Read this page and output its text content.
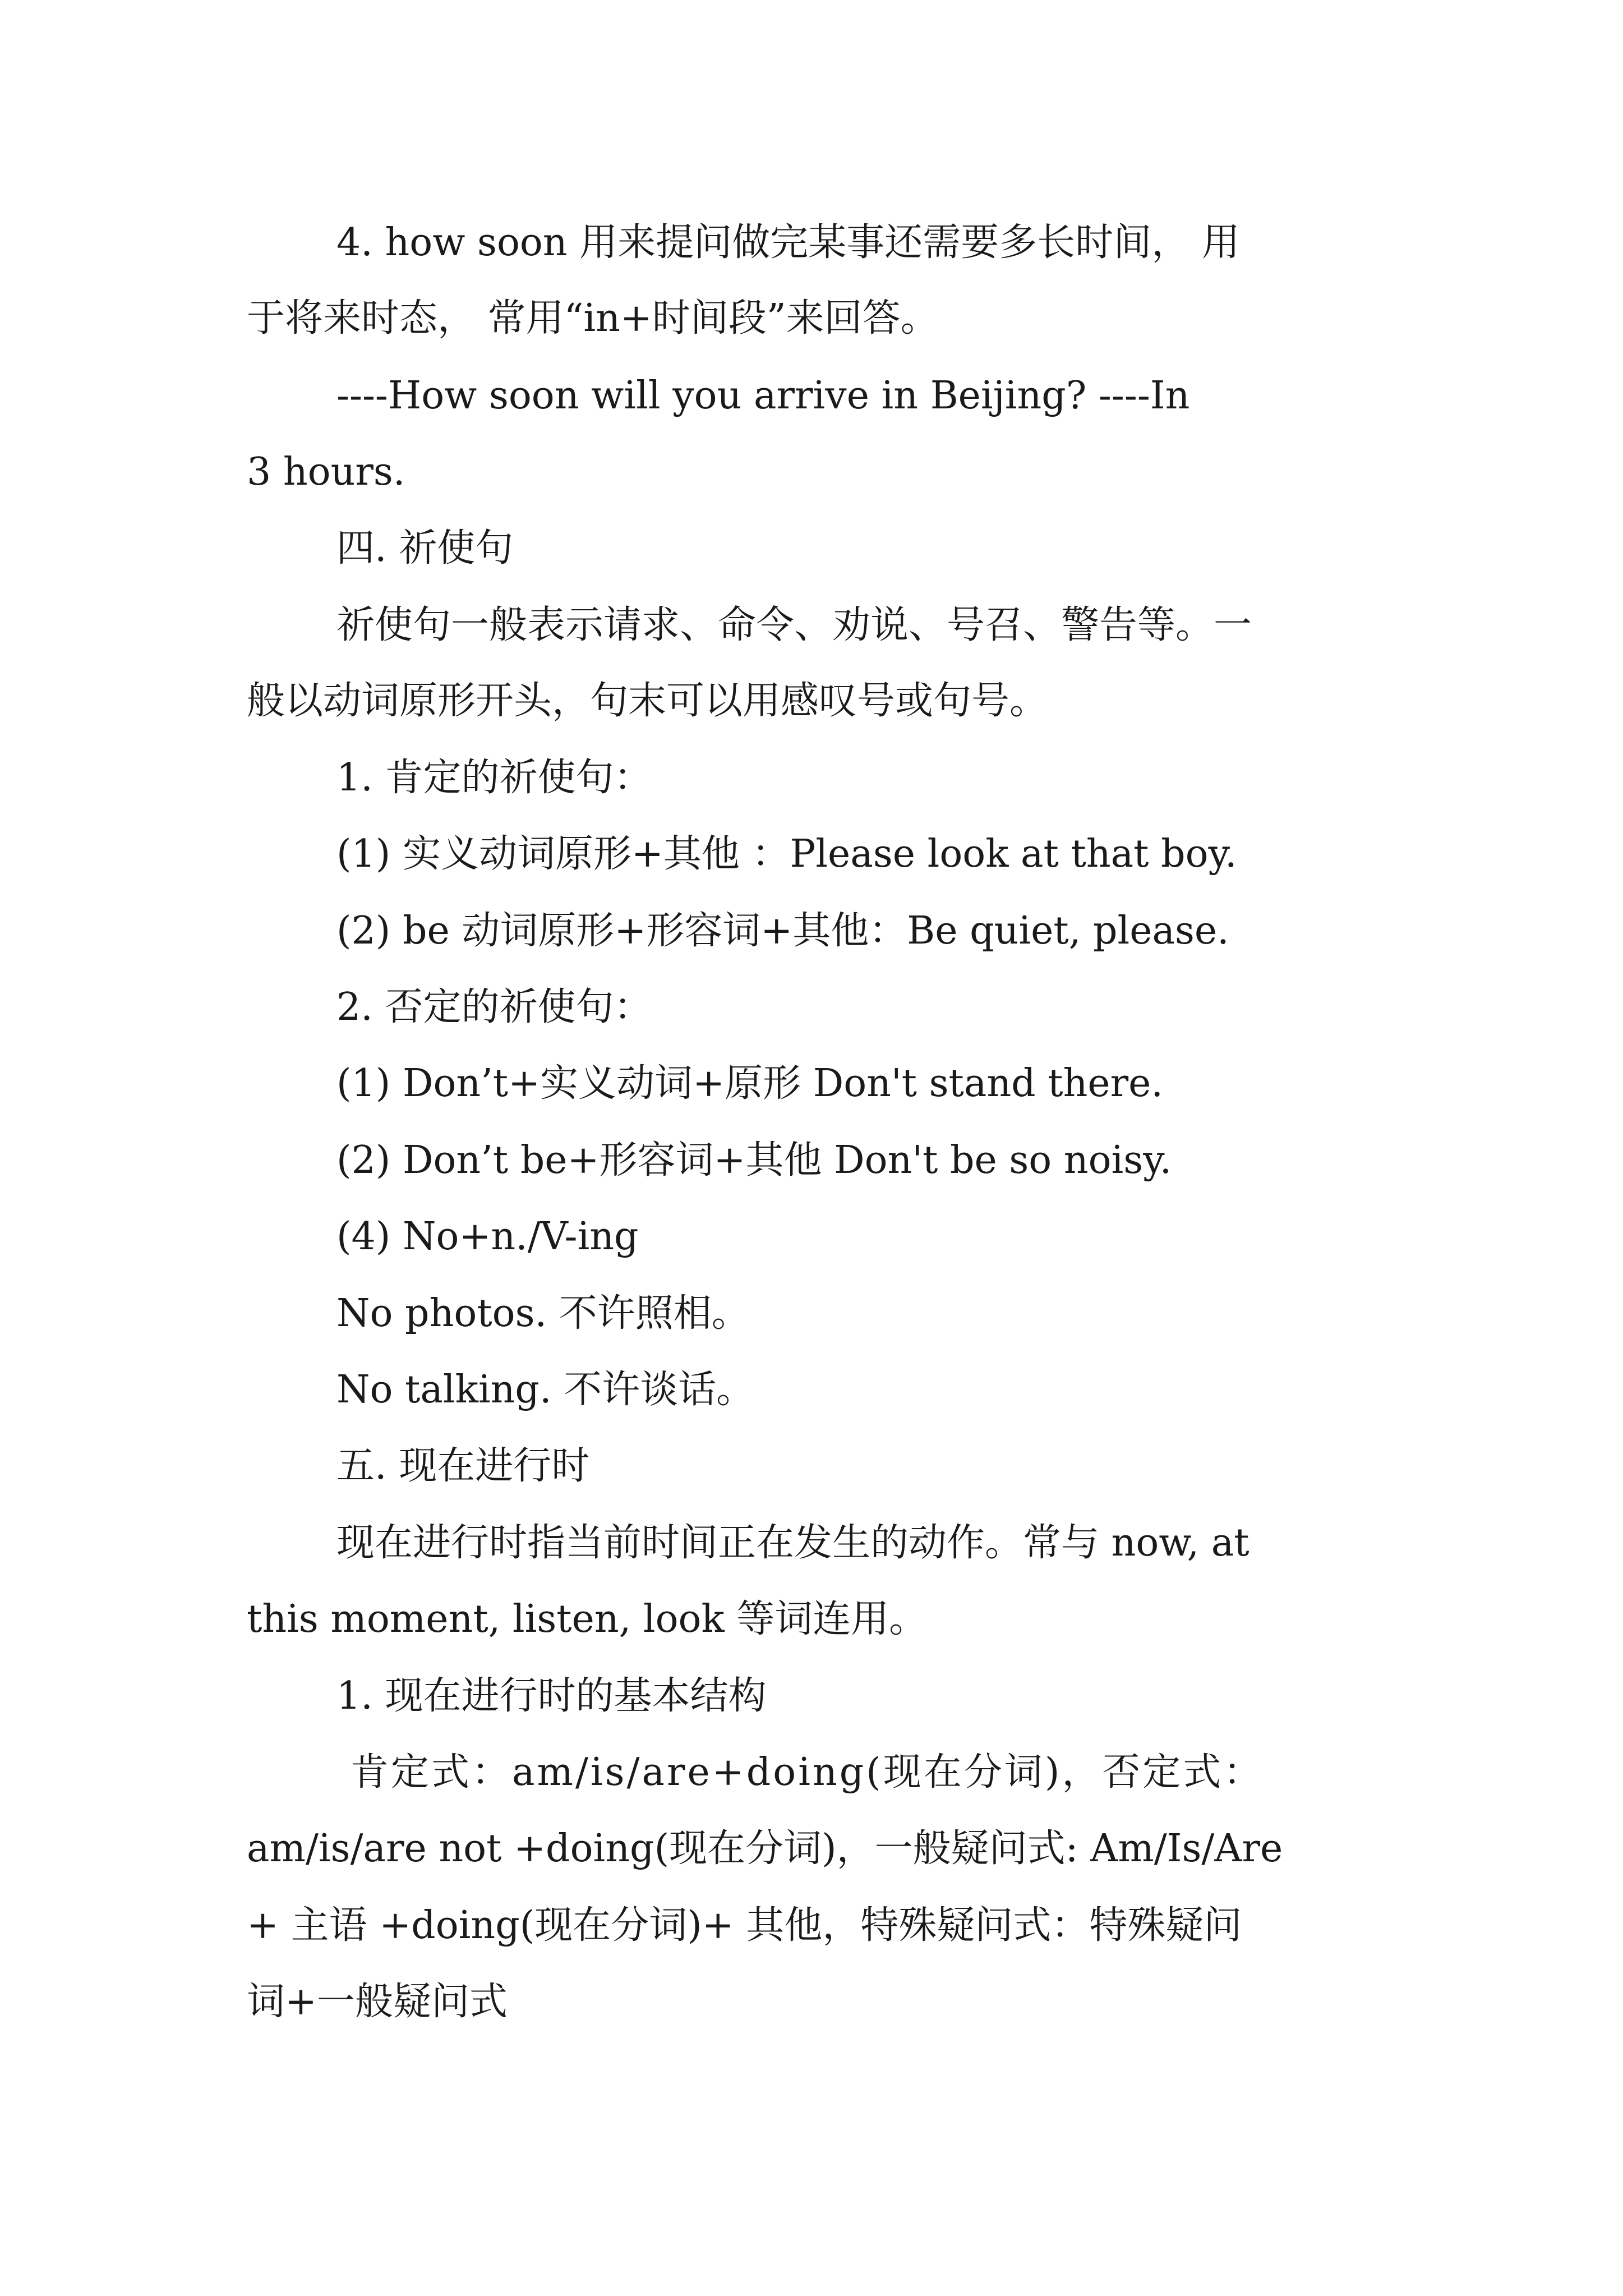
4. how soon 用来提问做完某事还需要多长时间， 用
于将来时态， 常用“in+时间段”来回答。
----How soon will you arrive in Beijing? ----In
3 hours.
四. 祈使句
祈使句一般表示请求、命令、劝说、号召、警告等。一
般以动词原形开头，句末可以用感叹号或句号。
1. 肯定的祈使句：
(1) 实义动词原形+其他 ：Please look at that boy.
(2) be 动词原形+形容词+其他：Be quiet, please.
2. 否定的祈使句：
(1) Don’t+实义动词+原形 Don't stand there.
(2) Don’t be+形容词+其他 Don't be so noisy.
(4) No+n./V-ing
No photos. 不许照相。
No talking. 不许谈话。
五. 现在进行时
现在进行时指当前时间正在发生的动作。常与 now, at
this moment, listen, look 等词连用。
1. 现在进行时的基本结构
肯定式：am/is/are+doing(现在分词)，否定式：
am/is/are not +doing(现在分词)，一般疑问式: Am/Is/Are
+ 主语 +doing(现在分词)+ 其他，特殊疑问式：特殊疑问
词+一般疑问式
